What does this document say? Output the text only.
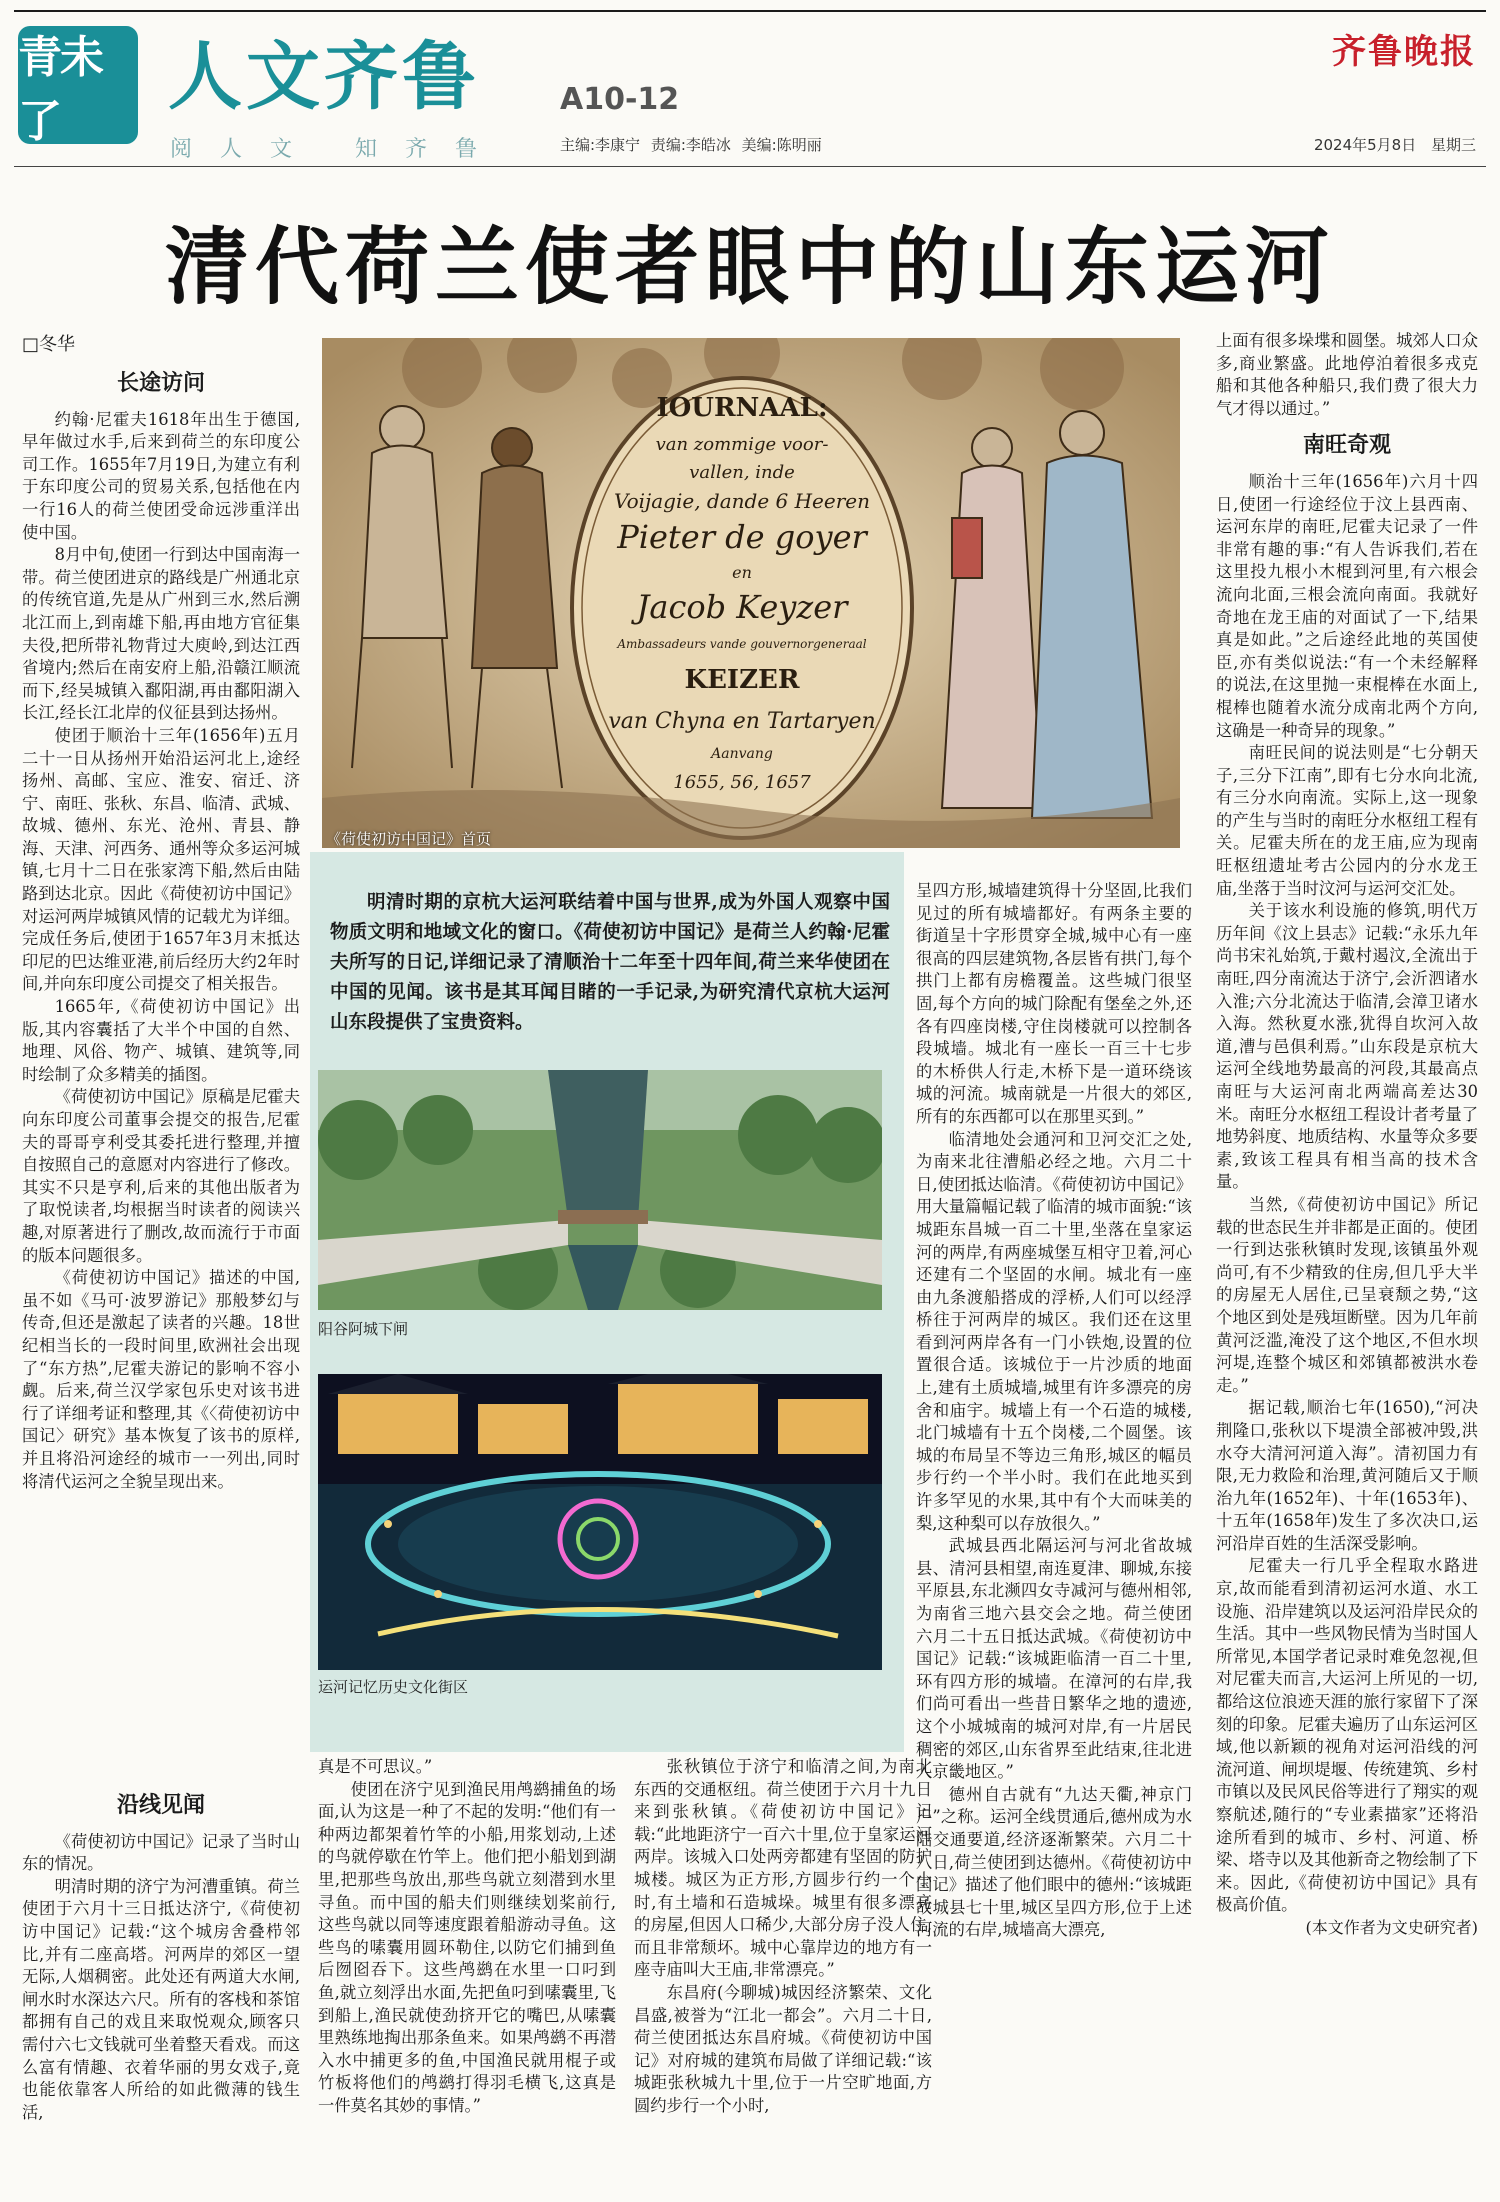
青未了
人文齐鲁	A10-12
阅人文 知齐鲁	主编:李康宁 责编:李皓冰 美编:陈明丽
齐鲁晚报
2024年5月8日 星期三
清代荷兰使者眼中的山东运河
□冬华
IOURNAAL:
van zommige voor-
vallen, inde
Voijagie, dande 6 Heeren
Pieter de goyer
en
Jacob Keyzer
Ambassadeurs vande gouvernorgeneraal
KEIZER
van Chyna en Tartaryen
Aanvang
1655, 56, 1657
《荷使初访中国记》首页
明清时期的京杭大运河联结着中国与世界,成为外国人观察中国物质文明和地域文化的窗口。《荷使初访中国记》是荷兰人约翰·尼霍夫所写的日记,详细记录了清顺治十二年至十四年间,荷兰来华使团在中国的见闻。该书是其耳闻目睹的一手记录,为研究清代京杭大运河山东段提供了宝贵资料。
阳谷阿城下闸
运河记忆历史文化街区
长途访问

约翰·尼霍夫1618年出生于德国,早年做过水手,后来到荷兰的东印度公司工作。1655年7月19日,为建立有利于东印度公司的贸易关系,包括他在内一行16人的荷兰使团受命远涉重洋出使中国。

8月中旬,使团一行到达中国南海一带。荷兰使团进京的路线是广州通北京的传统官道,先是从广州到三水,然后溯北江而上,到南雄下船,再由地方官征集夫役,把所带礼物背过大庾岭,到达江西省境内;然后在南安府上船,沿赣江顺流而下,经吴城镇入鄱阳湖,再由鄱阳湖入长江,经长江北岸的仪征县到达扬州。

使团于顺治十三年(1656年)五月二十一日从扬州开始沿运河北上,途经扬州、高邮、宝应、淮安、宿迁、济宁、南旺、张秋、东昌、临清、武城、故城、德州、东光、沧州、青县、静海、天津、河西务、通州等众多运河城镇,七月十二日在张家湾下船,然后由陆路到达北京。因此《荷使初访中国记》对运河两岸城镇风情的记载尤为详细。完成任务后,使团于1657年3月末抵达印尼的巴达维亚港,前后经历大约2年时间,并向东印度公司提交了相关报告。

1665年,《荷使初访中国记》出版,其内容囊括了大半个中国的自然、地理、风俗、物产、城镇、建筑等,同时绘制了众多精美的插图。

《荷使初访中国记》原稿是尼霍夫向东印度公司董事会提交的报告,尼霍夫的哥哥亨利受其委托进行整理,并擅自按照自己的意愿对内容进行了修改。其实不只是亨利,后来的其他出版者为了取悦读者,均根据当时读者的阅读兴趣,对原著进行了删改,故而流行于市面的版本问题很多。

《荷使初访中国记》描述的中国,虽不如《马可·波罗游记》那般梦幻与传奇,但还是激起了读者的兴趣。18世纪相当长的一段时间里,欧洲社会出现了“东方热”,尼霍夫游记的影响不容小觑。后来,荷兰汉学家包乐史对该书进行了详细考证和整理,其《〈荷使初访中国记〉研究》基本恢复了该书的原样,并且将沿河途经的城市一一列出,同时将清代运河之全貌呈现出来。

沿线见闻

《荷使初访中国记》记录了当时山东的情况。

明清时期的济宁为河漕重镇。荷兰使团于六月十三日抵达济宁,《荷使初访中国记》记载:“这个城房舍叠栉邻比,并有二座高塔。河两岸的郊区一望无际,人烟稠密。此处还有两道大水闸,闸水时水深达六尺。所有的客栈和茶馆都拥有自己的戏且来取悦观众,顾客只需付六七文钱就可坐着整天看戏。而这么富有情趣、衣着华丽的男女戏子,竟也能依靠客人所给的如此微薄的钱生活,

真是不可思议。”

使团在济宁见到渔民用鸬鹚捕鱼的场面,认为这是一种了不起的发明:“他们有一种两边都架着竹竿的小船,用浆划动,上述的鸟就停歇在竹竿上。他们把小船划到湖里,把那些鸟放出,那些鸟就立刻潜到水里寻鱼。而中国的船夫们则继续划桨前行,这些鸟就以同等速度跟着船游动寻鱼。这些鸟的嗉囊用圆环勒住,以防它们捕到鱼后囫囵吞下。这些鸬鹚在水里一口叼到鱼,就立刻浮出水面,先把鱼叼到嗉囊里,飞到船上,渔民就使劲挤开它的嘴巴,从嗉囊里熟练地掏出那条鱼来。如果鸬鹚不再潜入水中捕更多的鱼,中国渔民就用棍子或竹板将他们的鸬鹚打得羽毛横飞,这真是一件莫名其妙的事情。”

张秋镇位于济宁和临清之间,为南北东西的交通枢纽。荷兰使团于六月十九日来到张秋镇。《荷使初访中国记》记载:“此地距济宁一百六十里,位于皇家运河两岸。该城入口处两旁都建有坚固的防护城楼。城区为正方形,方圆步行约一个小时,有土墙和石造城垛。城里有很多漂亮的房屋,但因人口稀少,大部分房子没人住,而且非常颓坏。城中心靠岸边的地方有一座寺庙叫大王庙,非常漂亮。”

东昌府(今聊城)城因经济繁荣、文化昌盛,被誉为“江北一都会”。六月二十日,荷兰使团抵达东昌府城。《荷使初访中国记》对府城的建筑布局做了详细记载:“该城距张秋城九十里,位于一片空旷地面,方圆约步行一个小时,

呈四方形,城墙建筑得十分坚固,比我们见过的所有城墙都好。有两条主要的街道呈十字形贯穿全城,城中心有一座很高的四层建筑物,各层皆有拱门,每个拱门上都有房檐覆盖。这些城门很坚固,每个方向的城门除配有堡垒之外,还各有四座岗楼,守住岗楼就可以控制各段城墙。城北有一座长一百三十七步的木桥供人行走,木桥下是一道环绕该城的河流。城南就是一片很大的郊区,所有的东西都可以在那里买到。”

临清地处会通河和卫河交汇之处,为南来北往漕船必经之地。六月二十日,使团抵达临清。《荷使初访中国记》用大量篇幅记载了临清的城市面貌:“该城距东昌城一百二十里,坐落在皇家运河的两岸,有两座城堡互相守卫着,河心还建有二个坚固的水闸。城北有一座由九条渡船搭成的浮桥,人们可以经浮桥往于河两岸的城区。我们还在这里看到河两岸各有一门小铁炮,设置的位置很合适。该城位于一片沙质的地面上,建有土质城墙,城里有许多漂亮的房舍和庙宇。城墙上有一个石造的城楼,北门城墙有十五个岗楼,二个圆堡。该城的布局呈不等边三角形,城区的幅员步行约一个半小时。我们在此地买到许多罕见的水果,其中有个大而味美的梨,这种梨可以存放很久。”

武城县西北隔运河与河北省故城县、清河县相望,南连夏津、聊城,东接平原县,东北濒四女寺减河与德州相邻,为南省三地六县交会之地。荷兰使团六月二十五日抵达武城。《荷使初访中国记》记载:“该城距临清一百二十里,环有四方形的城墙。在漳河的右岸,我们尚可看出一些昔日繁华之地的遗迹,这个小城城南的城河对岸,有一片居民稠密的郊区,山东省界至此结束,往北进入京畿地区。”

德州自古就有“九达天衢,神京门户”之称。运河全线贯通后,德州成为水陆交通要道,经济逐渐繁荣。六月二十八日,荷兰使团到达德州。《荷使初访中国记》描述了他们眼中的德州:“该城距故城县七十里,城区呈四方形,位于上述河流的右岸,城墙高大漂亮,

上面有很多垛堞和圆堡。城郊人口众多,商业繁盛。此地停泊着很多戎克船和其他各种船只,我们费了很大力气才得以通过。”

南旺奇观

顺治十三年(1656年)六月十四日,使团一行途经位于汶上县西南、运河东岸的南旺,尼霍夫记录了一件非常有趣的事:“有人告诉我们,若在这里投九根小木棍到河里,有六根会流向北面,三根会流向南面。我就好奇地在龙王庙的对面试了一下,结果真是如此。”之后途经此地的英国使臣,亦有类似说法:“有一个未经解释的说法,在这里抛一束棍棒在水面上,棍棒也随着水流分成南北两个方向,这确是一种奇异的现象。”

南旺民间的说法则是“七分朝天子,三分下江南”,即有七分水向北流,有三分水向南流。实际上,这一现象的产生与当时的南旺分水枢纽工程有关。尼霍夫所在的龙王庙,应为现南旺枢纽遗址考古公园内的分水龙王庙,坐落于当时汶河与运河交汇处。

关于该水利设施的修筑,明代万历年间《汶上县志》记载:“永乐九年尚书宋礼始筑,于戴村遏汶,全流出于南旺,四分南流达于济宁,会沂泗诸水入淮;六分北流达于临清,会漳卫诸水入海。然秋夏水涨,犹得自坎河入故道,漕与邑俱利焉。”山东段是京杭大运河全线地势最高的河段,其最高点南旺与大运河南北两端高差达30米。南旺分水枢纽工程设计者考量了地势斜度、地质结构、水量等众多要素,致该工程具有相当高的技术含量。

当然,《荷使初访中国记》所记载的世态民生并非都是正面的。使团一行到达张秋镇时发现,该镇虽外观尚可,有不少精致的住房,但几乎大半的房屋无人居住,已呈衰颓之势,“这个地区到处是残垣断壁。因为几年前黄河泛滥,淹没了这个地区,不但水坝河堤,连整个城区和郊镇都被洪水卷走。”

据记载,顺治七年(1650),“河决荆隆口,张秋以下堤溃全部被冲毁,洪水夺大清河河道入海”。清初国力有限,无力救险和治理,黄河随后又于顺治九年(1652年)、十年(1653年)、十五年(1658年)发生了多次决口,运河沿岸百姓的生活深受影响。

尼霍夫一行几乎全程取水路进京,故而能看到清初运河水道、水工设施、沿岸建筑以及运河沿岸民众的生活。其中一些风物民情为当时国人所常见,本国学者记录时难免忽视,但对尼霍夫而言,大运河上所见的一切,都给这位浪迹天涯的旅行家留下了深刻的印象。尼霍夫遍历了山东运河区域,他以新颖的视角对运河沿线的河流河道、闸坝堤堰、传统建筑、乡村市镇以及民风民俗等进行了翔实的观察航述,随行的“专业素描家”还将沿途所看到的城市、乡村、河道、桥梁、塔寺以及其他新奇之物绘制了下来。因此,《荷使初访中国记》具有极高价值。

(本文作者为文史研究者)
